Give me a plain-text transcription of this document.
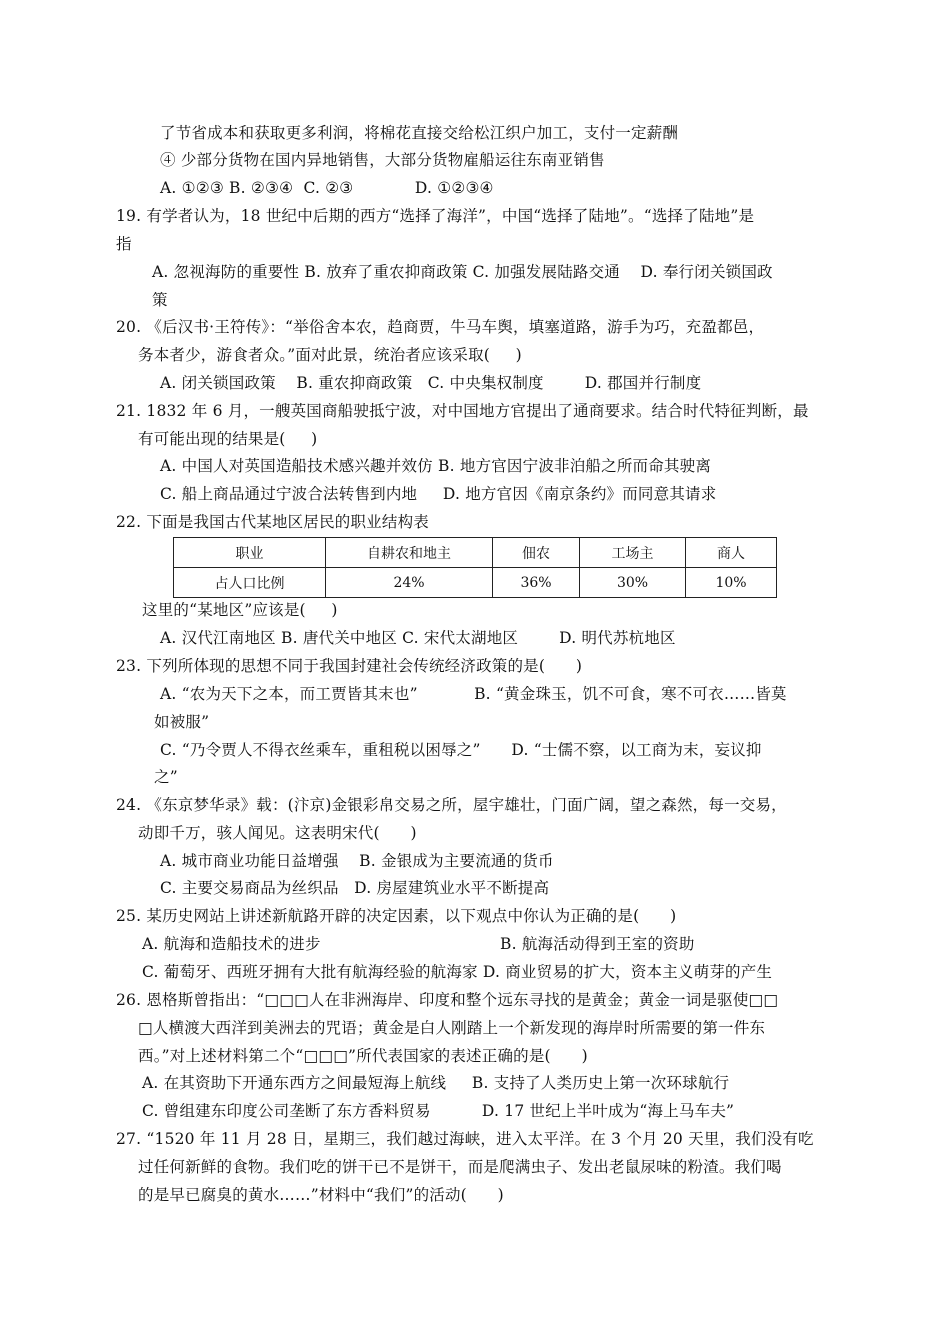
了节省成本和获取更多利润，将棉花直接交给松江织户加工，支付一定薪酬
④ 少部分货物在国内异地销售，大部分货物雇船运往东南亚销售
A. ①②③ B. ②③④  C. ②③            D. ①②③④
19. 有学者认为，18 世纪中后期的西方“选择了海洋”，中国“选择了陆地”。“选择了陆地”是
指
A. 忽视海防的重要性 B. 放弃了重农抑商政策 C. 加强发展陆路交通    D. 奉行闭关锁国政
策
20. 《后汉书·王符传》：“举俗舍本农，趋商贾，牛马车舆，填塞道路，游手为巧，充盈都邑，
务本者少，游食者众。”面对此景，统治者应该采取(     )
A. 闭关锁国政策    B. 重农抑商政策   C. 中央集权制度        D. 郡国并行制度
21. 1832 年 6 月，一艘英国商船驶抵宁波，对中国地方官提出了通商要求。结合时代特征判断，最
有可能出现的结果是(     )
A. 中国人对英国造船技术感兴趣并效仿 B. 地方官因宁波非泊船之所而命其驶离
C. 船上商品通过宁波合法转售到内地     D. 地方官因《南京条约》而同意其请求
22. 下面是我国古代某地区居民的职业结构表
职业	自耕农和地主	佃农	工场主	商人
占人口比例	24%	36%	30%	10%
这里的“某地区”应该是(     )
A. 汉代江南地区 B. 唐代关中地区 C. 宋代太湖地区        D. 明代苏杭地区
23. 下列所体现的思想不同于我国封建社会传统经济政策的是(      )
A. “农为天下之本，而工贾皆其末也”           B. “黄金珠玉，饥不可食，寒不可衣……皆莫
如被服”
C. “乃令贾人不得衣丝乘车，重租税以困辱之”      D. “士儒不察，以工商为末，妄议抑
之”
24. 《东京梦华录》载：(汴京)金银彩帛交易之所，屋宇雄壮，门面广阔，望之森然，每一交易，
动即千万，骇人闻见。这表明宋代(      )
A. 城市商业功能日益增强    B. 金银成为主要流通的货币
C. 主要交易商品为丝织品   D. 房屋建筑业水平不断提高
25. 某历史网站上讲述新航路开辟的决定因素，以下观点中你认为正确的是(      )
A. 航海和造船技术的进步	B. 航海活动得到王室的资助
C. 葡萄牙、西班牙拥有大批有航海经验的航海家 D. 商业贸易的扩大，资本主义萌芽的产生
26. 恩格斯曾指出：“□□□人在非洲海岸、印度和整个远东寻找的是黄金；黄金一词是驱使□□
□人横渡大西洋到美洲去的咒语；黄金是白人刚踏上一个新发现的海岸时所需要的第一件东
西。”对上述材料第二个“□□□”所代表国家的表述正确的是(      )
A. 在其资助下开通东西方之间最短海上航线     B. 支持了人类历史上第一次环球航行
C. 曾组建东印度公司垄断了东方香料贸易          D. 17 世纪上半叶成为“海上马车夫”
27. “1520 年 11 月 28 日，星期三，我们越过海峡，进入太平洋。在 3 个月 20 天里，我们没有吃
过任何新鲜的食物。我们吃的饼干已不是饼干，而是爬满虫子、发出老鼠尿味的粉渣。我们喝
的是早已腐臭的黄水……”材料中“我们”的活动(      )
